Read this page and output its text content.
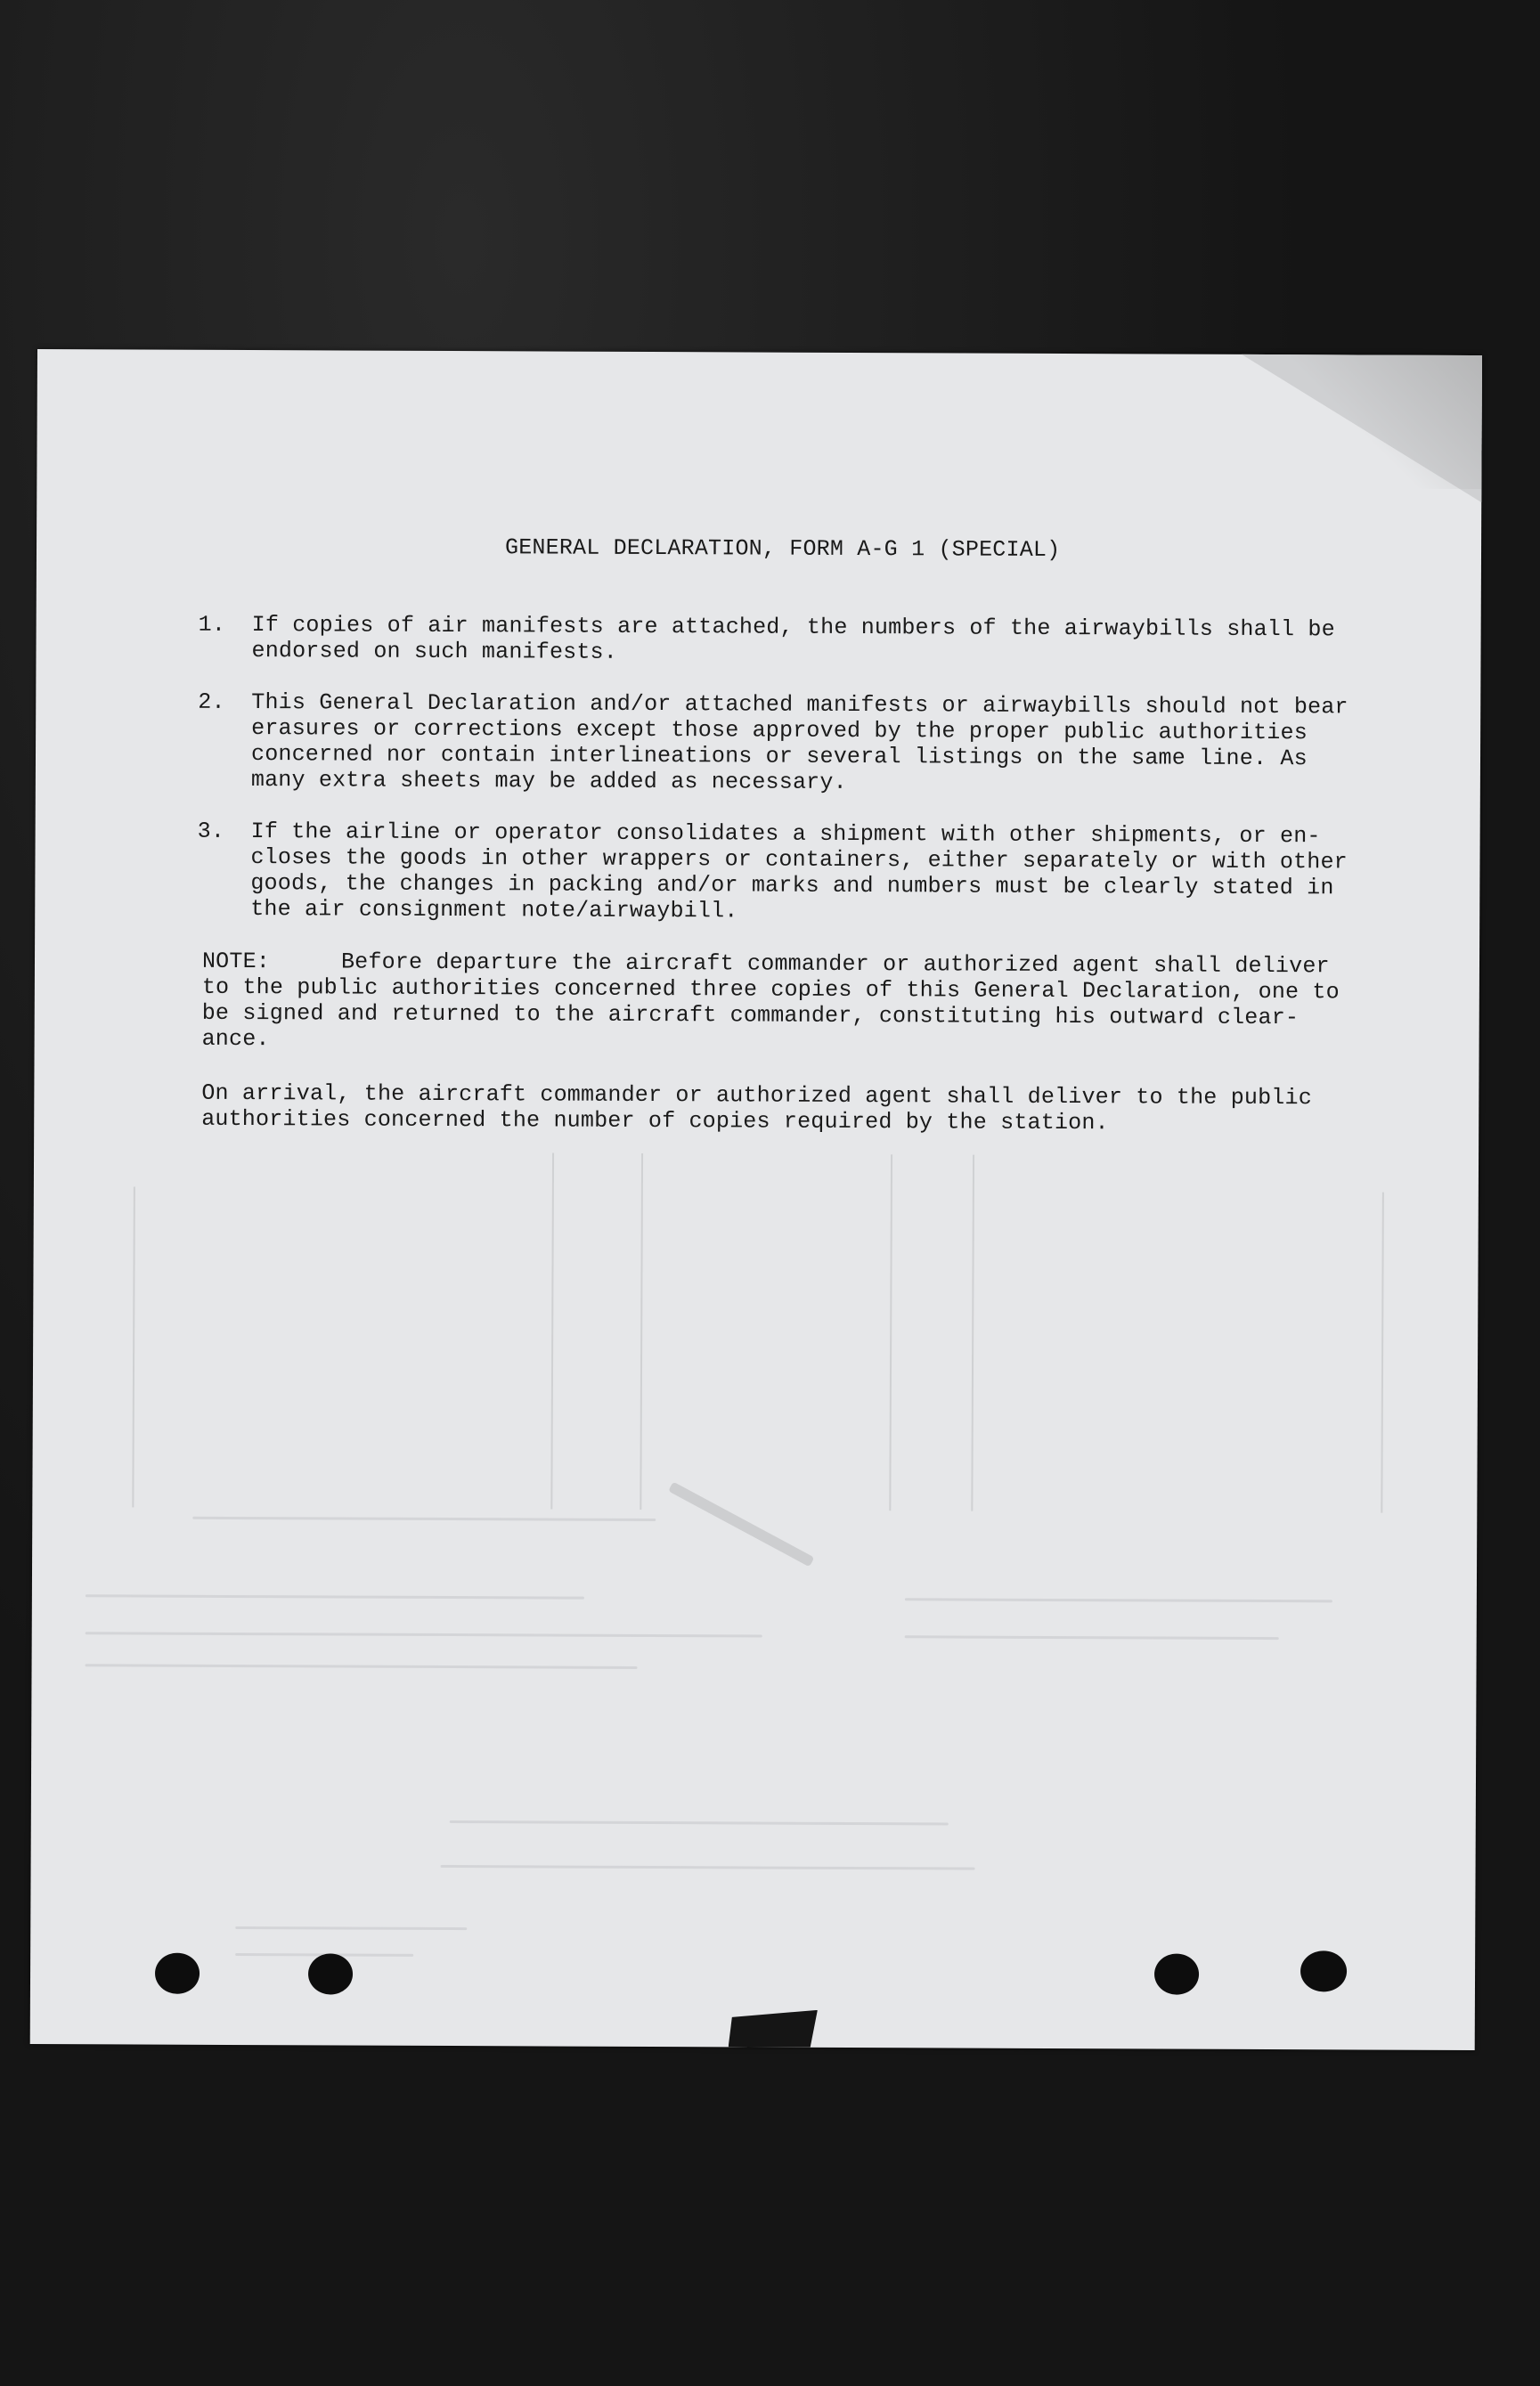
GENERAL DECLARATION, FORM A-G 1 (SPECIAL)
1.	If copies of air manifests are attached, the numbers of the airwaybills shall be
endorsed on such manifests.
2.	This General Declaration and/or attached manifests or airwaybills should not bear
erasures or corrections except those approved by the proper public authorities
concerned nor contain interlineations or several listings on the same line. As
many extra sheets may be added as necessary.
3.	If the airline or operator consolidates a shipment with other shipments, or en-
closes the goods in other wrappers or containers, either separately or with other
goods, the changes in packing and/or marks and numbers must be clearly stated in
the air consignment note/airwaybill.
NOTE:	Before departure the aircraft commander or authorized agent shall deliver
to the public authorities concerned three copies of this General Declaration, one to
be signed and returned to the aircraft commander, constituting his outward clear-
ance.
On arrival, the aircraft commander or authorized agent shall deliver to the public
authorities concerned the number of copies required by the station.
